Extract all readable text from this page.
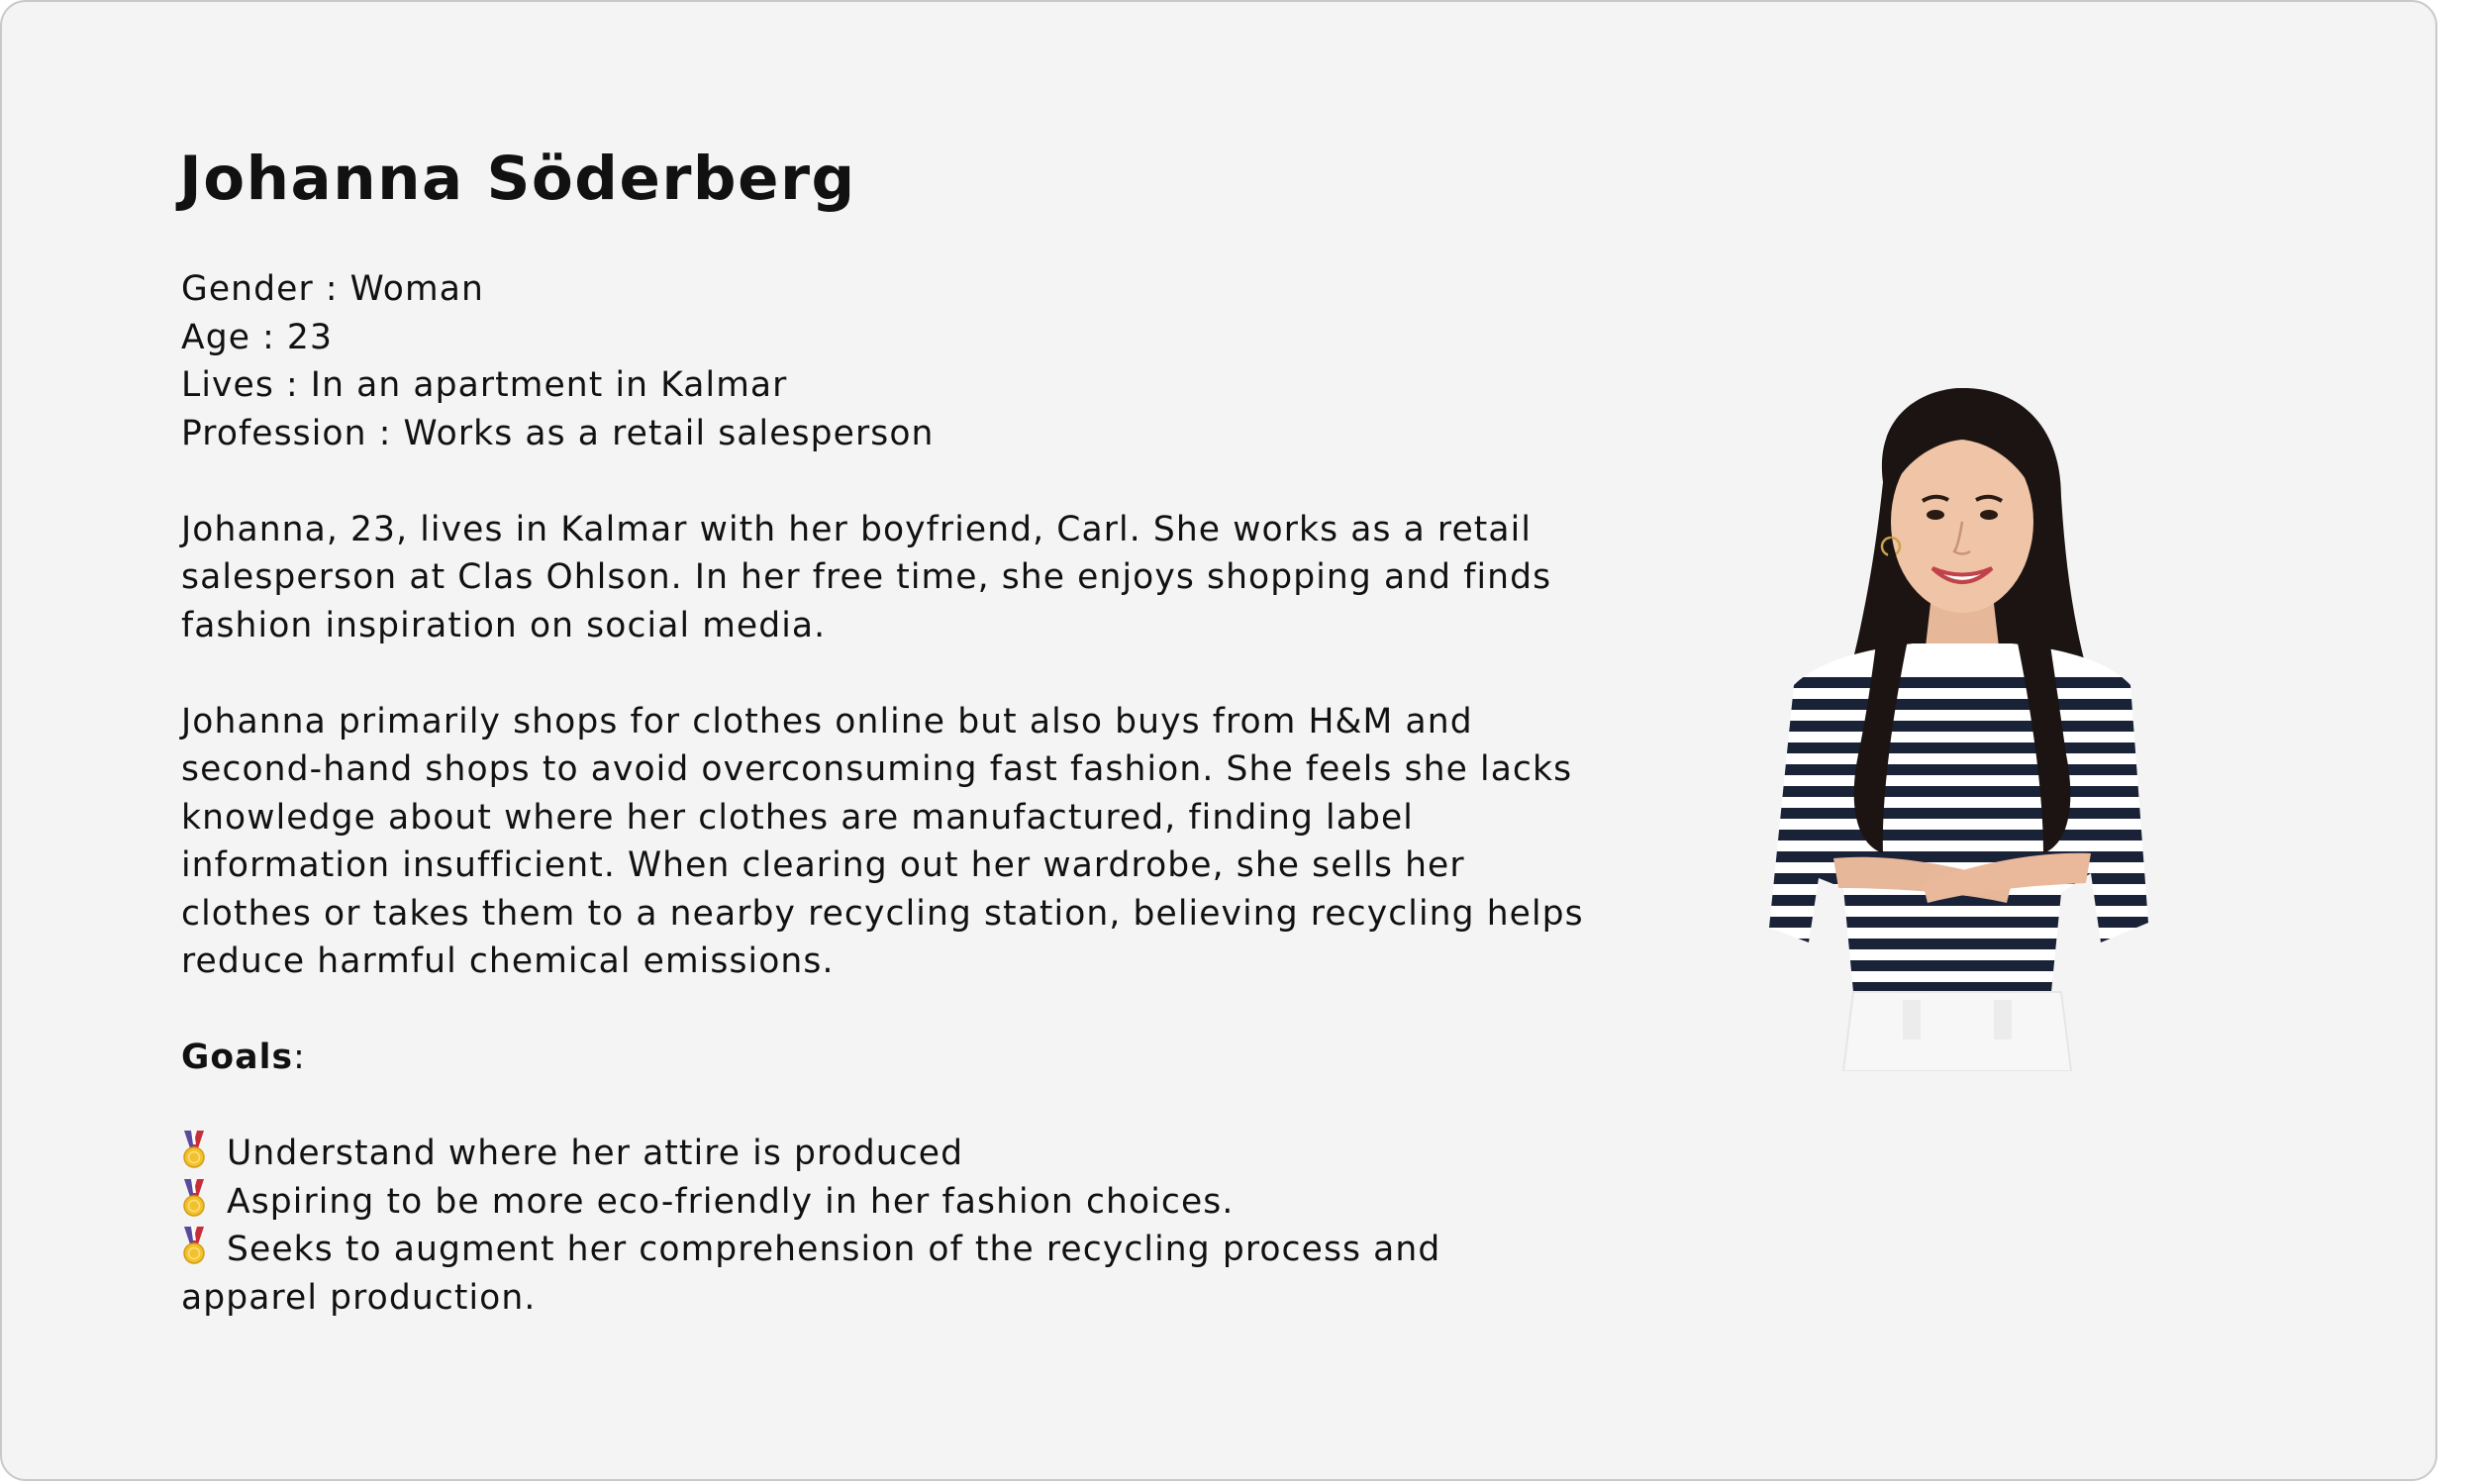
Johanna Söderberg
Gender : Woman
Age : 23
Lives : In an apartment in Kalmar
Profession : Works as a retail salesperson

Johanna, 23, lives in Kalmar with her boyfriend, Carl. She works as a retail salesperson at Clas Ohlson. In her free time, she enjoys shopping and finds fashion inspiration on social media.

Johanna primarily shops for clothes online but also buys from H&M and second-hand shops to avoid overconsuming fast fashion. She feels she lacks knowledge about where her clothes are manufactured, finding label information insufficient. When clearing out her wardrobe, she sells her clothes or takes them to a nearby recycling station, believing recycling helps reduce harmful chemical emissions.

Goals:
Understand where her attire is produced
Aspiring to be more eco-friendly in her fashion choices.
Seeks to augment her comprehension of the recycling process and apparel production.
